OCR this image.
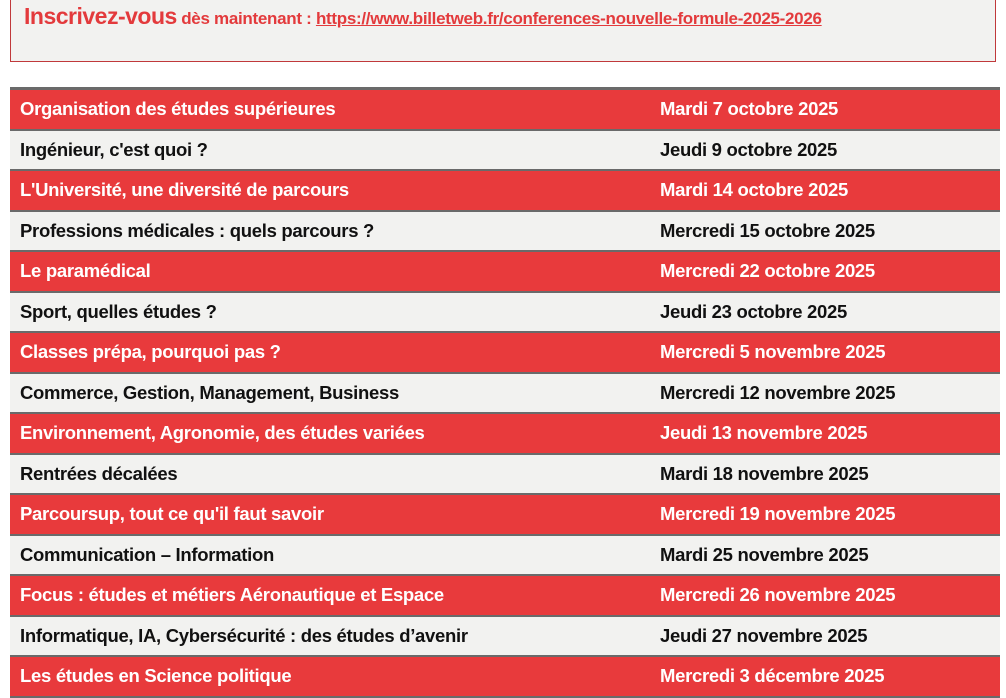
Inscrivez-vous dès maintenant : https://www.billetweb.fr/conferences-nouvelle-formule-2025-2026
Organisation des études supérieures	Mardi 7 octobre 2025
Ingénieur, c'est quoi ?	Jeudi 9 octobre 2025
L'Université, une diversité de parcours	Mardi 14 octobre 2025
Professions médicales : quels parcours ?	Mercredi 15 octobre 2025
Le paramédical	Mercredi 22 octobre 2025
Sport, quelles études ?	Jeudi 23 octobre 2025
Classes prépa, pourquoi pas ?	Mercredi 5 novembre 2025
Commerce, Gestion, Management, Business	Mercredi 12 novembre 2025
Environnement, Agronomie, des études variées	Jeudi 13 novembre 2025
Rentrées décalées	Mardi 18 novembre 2025
Parcoursup, tout ce qu'il faut savoir	Mercredi 19 novembre 2025
Communication – Information	Mardi 25 novembre 2025
Focus : études et métiers Aéronautique et Espace	Mercredi 26 novembre 2025
Informatique, IA, Cybersécurité : des études d’avenir	Jeudi 27 novembre 2025
Les études en Science politique	Mercredi 3 décembre 2025
